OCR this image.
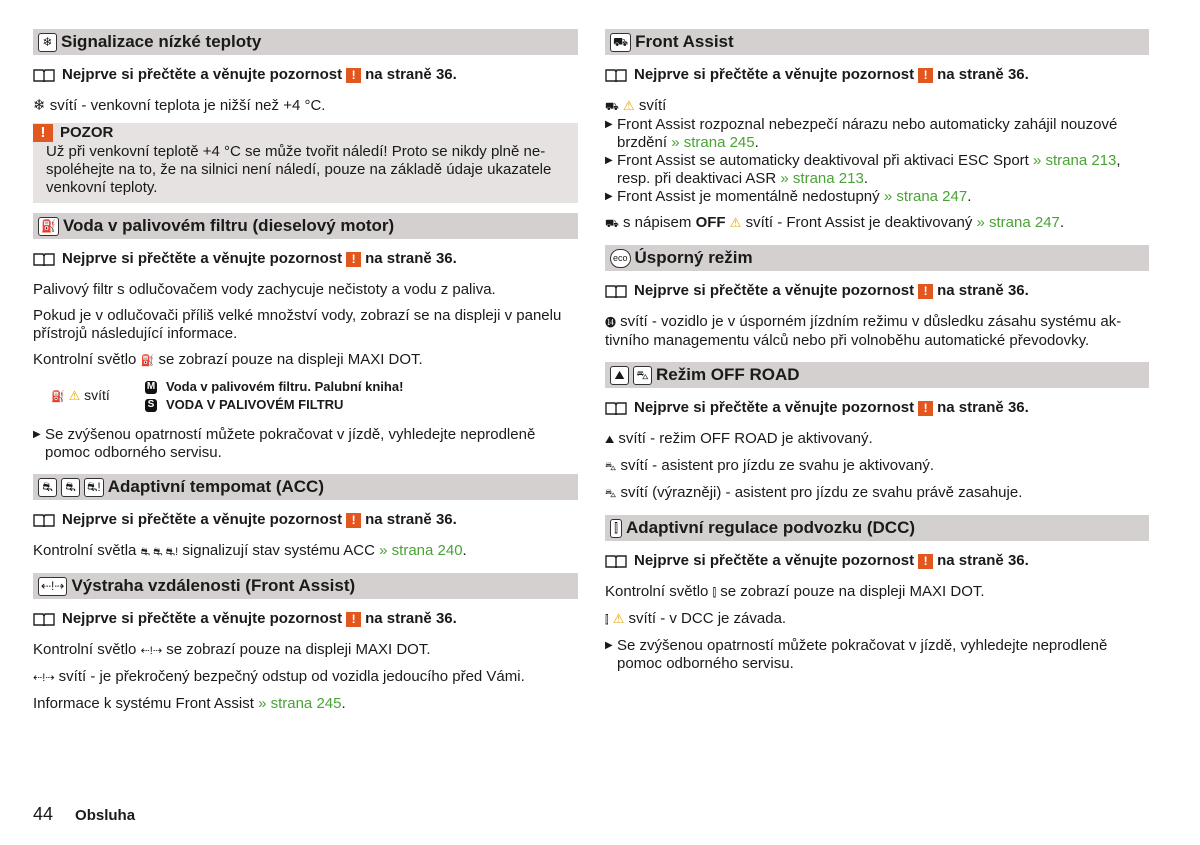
❄ Signalizace nízké teploty
Nejprve si přečtěte a věnujte pozornost ! na straně 36.

❄ svítí - venkovní teplota je nižší než +4 °C.

! POZOR
Už při venkovní teplotě +4 °C se může tvořit náledí! Proto se nikdy plně nespoléhejte na to, že na silnici není náledí, pouze na základě údaje ukazatele venkovní teploty.
⛽ Voda v palivovém filtru (dieselový motor)
Nejprve si přečtěte a věnujte pozornost ! na straně 36.

Palivový filtr s odlučovačem vody zachycuje nečistoty a vodu z paliva.

Pokud je v odlučovači příliš velké množství vody, zobrazí se na displeji v panelu přístrojů následující informace.

Kontrolní světlo ⛽ se zobrazí pouze na displeji MAXI DOT.

⛽ ⚠ svítí
M Voda v palivovém filtru. Palubní kniha!
S VODA V PALIVOVÉM FILTRU
▶ Se zvýšenou opatrností můžete pokračovat v jízdě, vyhledejte neprodleně pomoc odborného servisu.
⛐	⛐ ⛐! Adaptivní tempomat (ACC)
Nejprve si přečtěte a věnujte pozornost ! na straně 36.

Kontrolní světla ⛐ ⛐ ⛐! signalizují stav systému ACC » strana 240.

⇠!⇢ Výstraha vzdálenosti (Front Assist)
Nejprve si přečtěte a věnujte pozornost ! na straně 36.

Kontrolní světlo ⇠!⇢ se zobrazí pouze na displeji MAXI DOT.

⇠!⇢ svítí - je překročený bezpečný odstup od vozidla jedoucího před Vámi.

Informace k systému Front Assist » strana 245.

⛟ Front Assist
Nejprve si přečtěte a věnujte pozornost ! na straně 36.
⛟ ⚠ svítí
▶ Front Assist rozpoznal nebezpečí nárazu nebo automaticky zahájil nouzové brzdění » strana 245.
▶ Front Assist se automaticky deaktivoval při aktivaci ESC Sport » strana 213, resp. při deaktivaci ASR » strana 213.
▶ Front Assist je momentálně nedostupný » strana 247.

⛟ s nápisem OFF ⚠ svítí - Front Assist je deaktivovaný » strana 247.

eco Úsporný režim
Nejprve si přečtěte a věnujte pozornost ! na straně 36.

⓮ svítí - vozidlo je v úsporném jízdním režimu v důsledku zásahu systému aktivního managementu válců nebo při volnoběhu automatické převodovky.

⛰ ⛍ Režim OFF ROAD
Nejprve si přečtěte a věnujte pozornost ! na straně 36.

⛰ svítí - režim OFF ROAD je aktivovaný.

⛍ svítí - asistent pro jízdu ze svahu je aktivovaný.

⛍ svítí (výrazněji) - asistent pro jízdu ze svahu právě zasahuje.

⫿ Adaptivní regulace podvozku (DCC)
Nejprve si přečtěte a věnujte pozornost ! na straně 36.

Kontrolní světlo ⫿ se zobrazí pouze na displeji MAXI DOT.

⫿ ⚠ svítí - v DCC je závada.

▶ Se zvýšenou opatrností můžete pokračovat v jízdě, vyhledejte neprodleně pomoc odborného servisu.
44 Obsluha
